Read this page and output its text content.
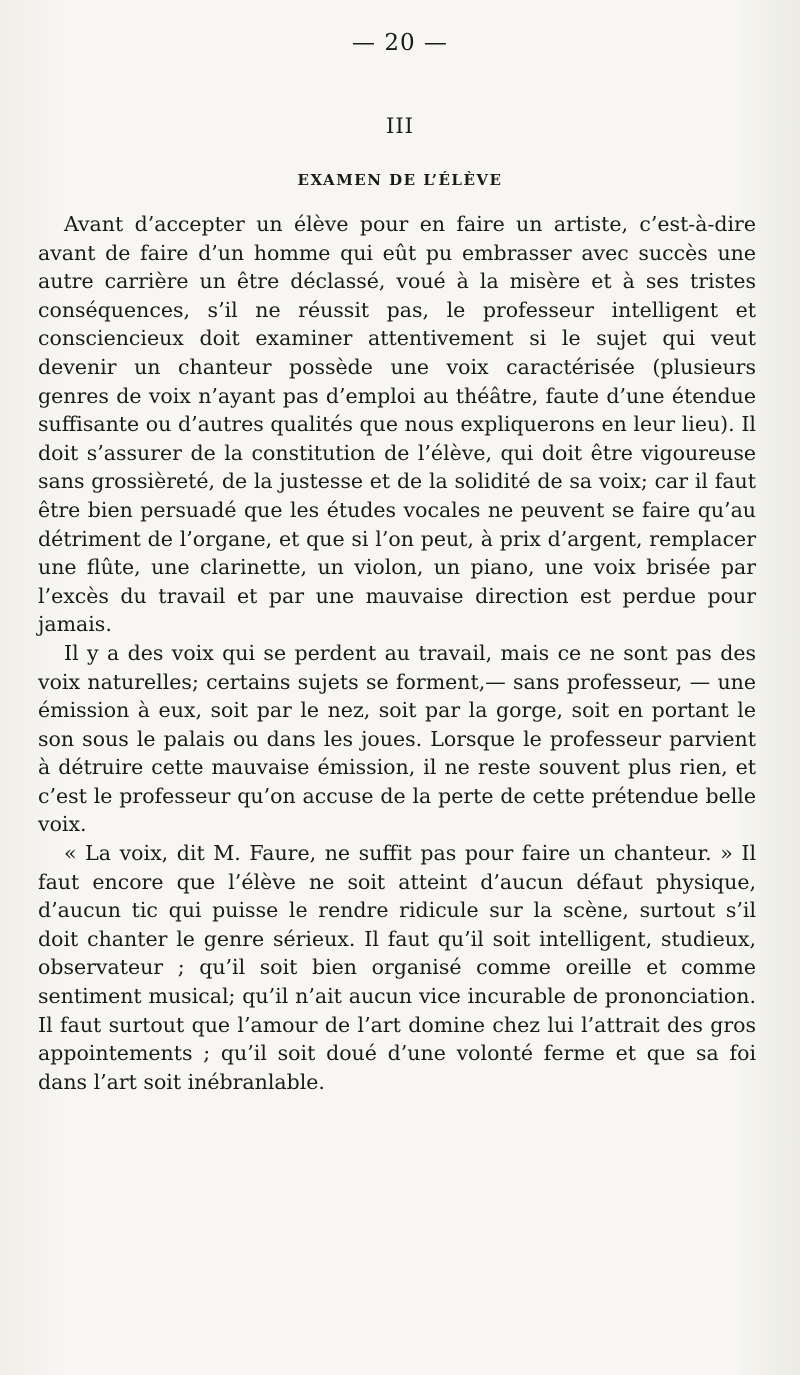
— 20 —
III
EXAMEN DE L’ÉLÈVE

Avant d’accepter un élève pour en faire un artiste, c’est-à-dire avant de faire d’un homme qui eût pu embrasser avec succès une autre carrière un être déclassé, voué à la misère et à ses tristes conséquences, s’il ne réussit pas, le professeur intelligent et consciencieux doit examiner attentivement si le sujet qui veut devenir un chanteur possède une voix caractérisée (plusieurs genres de voix n’ayant pas d’emploi au théâtre, faute d’une étendue suffisante ou d’autres qualités que nous expliquerons en leur lieu). Il doit s’assurer de la constitution de l’élève, qui doit être vigoureuse sans grossièreté, de la justesse et de la solidité de sa voix; car il faut être bien persuadé que les études vocales ne peuvent se faire qu’au détriment de l’organe, et que si l’on peut, à prix d’argent, remplacer une flûte, une clarinette, un violon, un piano, une voix brisée par l’excès du travail et par une mauvaise direction est perdue pour jamais.

Il y a des voix qui se perdent au travail, mais ce ne sont pas des voix naturelles; certains sujets se forment,— sans professeur, — une émission à eux, soit par le nez, soit par la gorge, soit en portant le son sous le palais ou dans les joues. Lorsque le professeur parvient à détruire cette mauvaise émission, il ne reste souvent plus rien, et c’est le professeur qu’on accuse de la perte de cette prétendue belle voix.

« La voix, dit M. Faure, ne suffit pas pour faire un chanteur. » Il faut encore que l’élève ne soit atteint d’aucun défaut physique, d’aucun tic qui puisse le rendre ridicule sur la scène, surtout s’il doit chanter le genre sérieux. Il faut qu’il soit intelligent, studieux, observateur ; qu’il soit bien organisé comme oreille et comme sentiment musical; qu’il n’ait aucun vice incurable de prononciation. Il faut surtout que l’amour de l’art domine chez lui l’attrait des gros appointements ; qu’il soit doué d’une volonté ferme et que sa foi dans l’art soit inébranlable.
